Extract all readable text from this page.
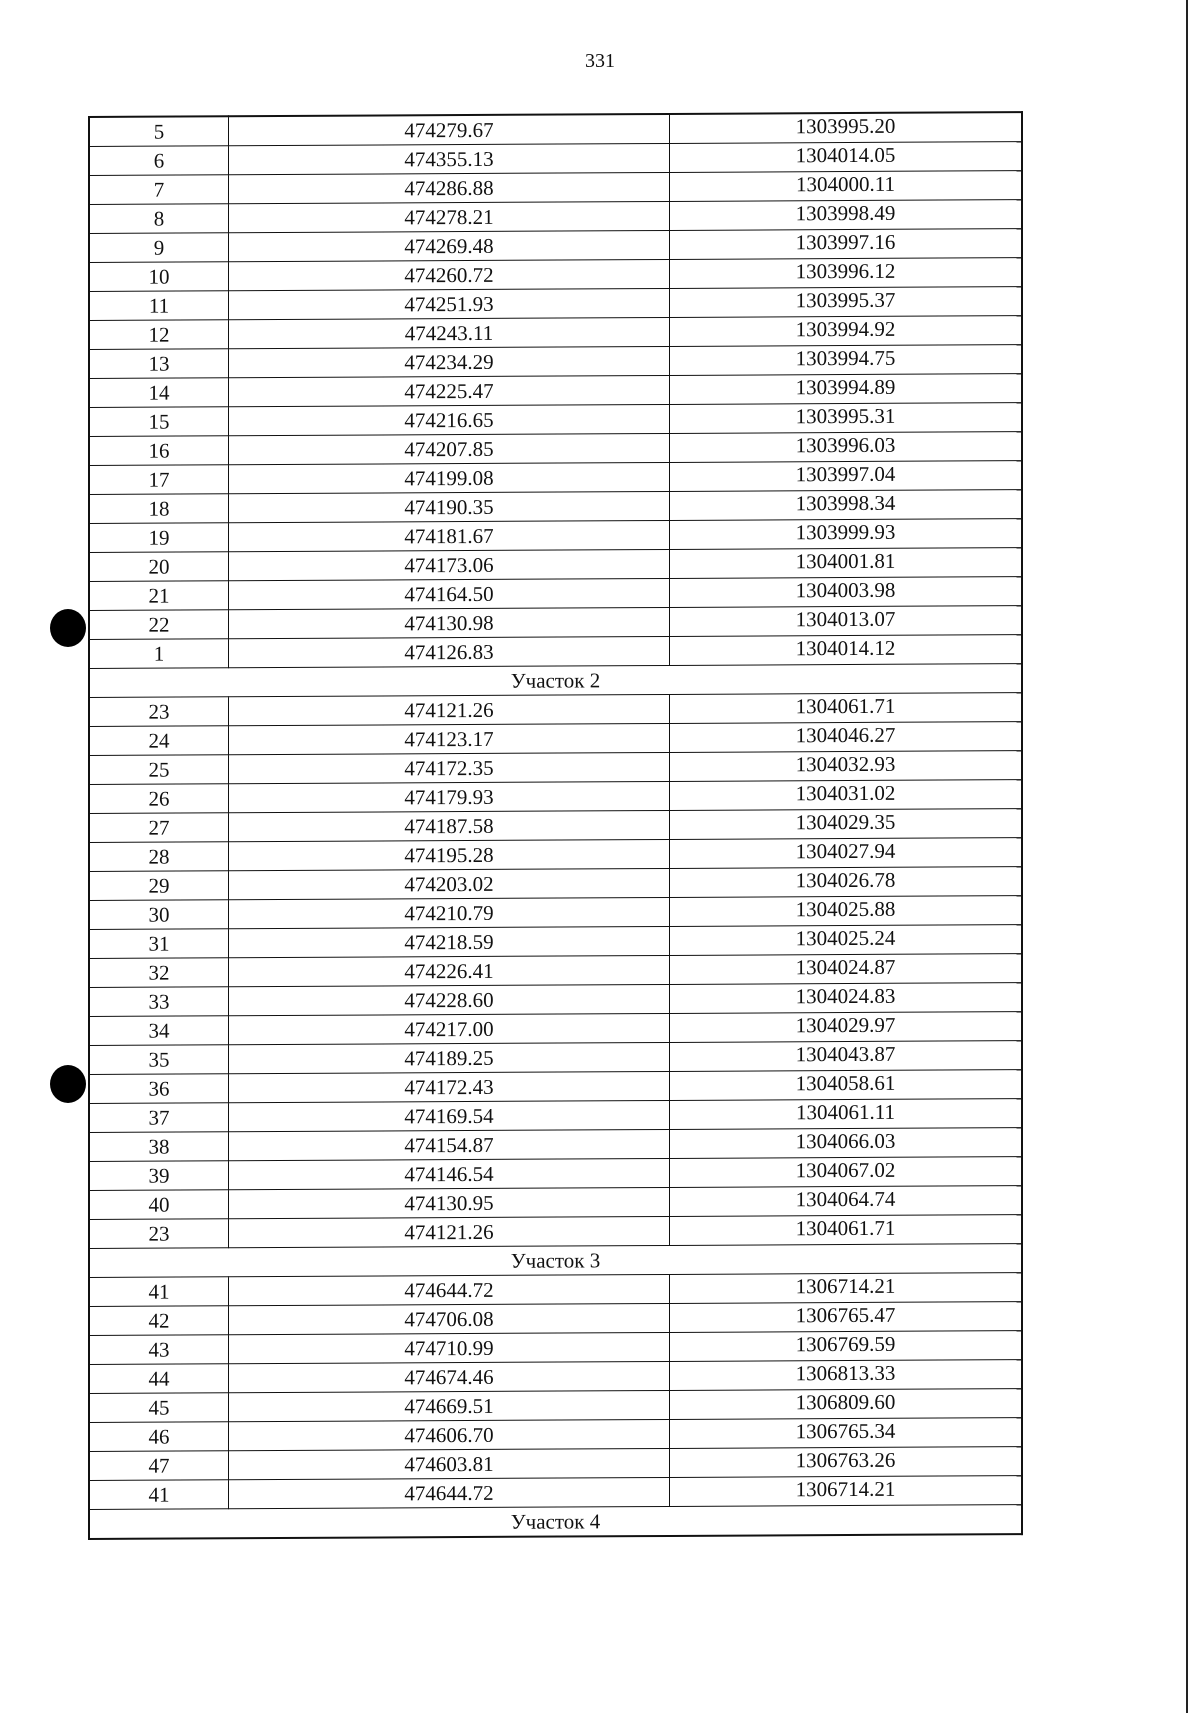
331
5	474279.67	1303995.20
6	474355.13	1304014.05
7	474286.88	1304000.11
8	474278.21	1303998.49
9	474269.48	1303997.16
10	474260.72	1303996.12
11	474251.93	1303995.37
12	474243.11	1303994.92
13	474234.29	1303994.75
14	474225.47	1303994.89
15	474216.65	1303995.31
16	474207.85	1303996.03
17	474199.08	1303997.04
18	474190.35	1303998.34
19	474181.67	1303999.93
20	474173.06	1304001.81
21	474164.50	1304003.98
22	474130.98	1304013.07
1	474126.83	1304014.12
Участок 2		
23	474121.26	1304061.71
24	474123.17	1304046.27
25	474172.35	1304032.93
26	474179.93	1304031.02
27	474187.58	1304029.35
28	474195.28	1304027.94
29	474203.02	1304026.78
30	474210.79	1304025.88
31	474218.59	1304025.24
32	474226.41	1304024.87
33	474228.60	1304024.83
34	474217.00	1304029.97
35	474189.25	1304043.87
36	474172.43	1304058.61
37	474169.54	1304061.11
38	474154.87	1304066.03
39	474146.54	1304067.02
40	474130.95	1304064.74
23	474121.26	1304061.71
Участок 3		
41	474644.72	1306714.21
42	474706.08	1306765.47
43	474710.99	1306769.59
44	474674.46	1306813.33
45	474669.51	1306809.60
46	474606.70	1306765.34
47	474603.81	1306763.26
41	474644.72	1306714.21
Участок 4		
